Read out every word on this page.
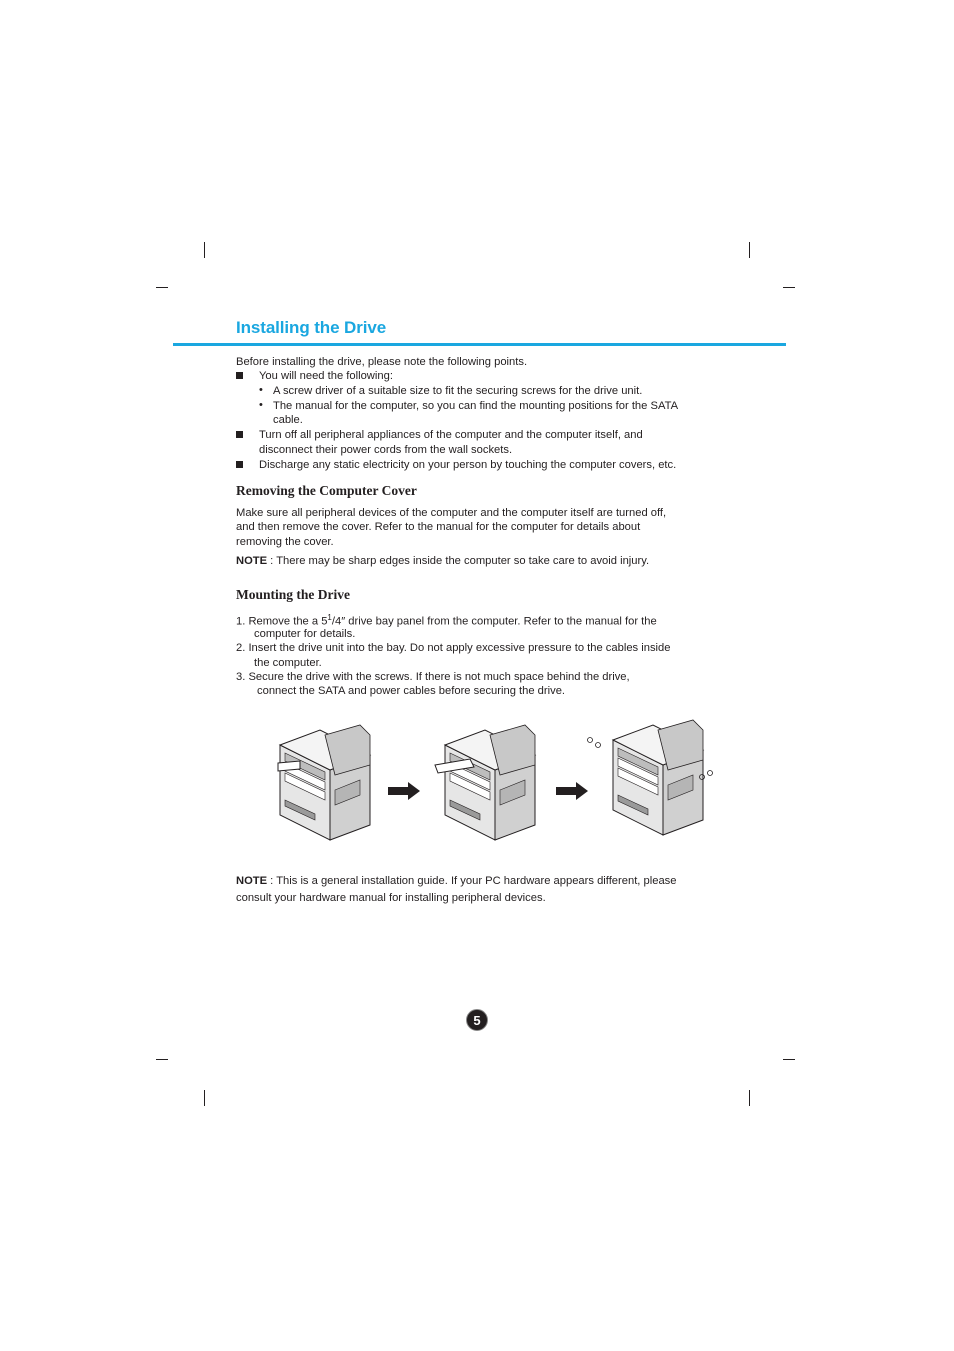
Installing the Drive

Before installing the drive, please note the following points.

You will need the following:

• A screw driver of a suitable size to fit the securing screws for the drive unit.

• The manual for the computer, so you can find the mounting positions for the SATA

cable.

Turn off all peripheral appliances of the computer and the computer itself, and

disconnect their power cords from the wall sockets.

Discharge any static electricity on your person by touching the computer covers, etc.

Removing the Computer Cover

Make sure all peripheral devices of the computer and the computer itself are turned off,

and then remove the cover. Refer to the manual for the computer for details about

removing the cover.

NOTE : There may be sharp edges inside the computer so take care to avoid injury.

Mounting the Drive

1. Remove the a $5^1/4''$ drive bay panel from the computer. Refer to the manual for the

computer for details.

2. Insert the drive unit into the bay. Do not apply excessive pressure to the cables inside

the computer.

3. Secure the drive with the screws. If there is not much space behind the drive,

connect the SATA and power cables before securing the drive.

NOTE : This is a general installation guide. If your PC hardware appears different, please

consult your hardware manual for installing peripheral devices.

5
